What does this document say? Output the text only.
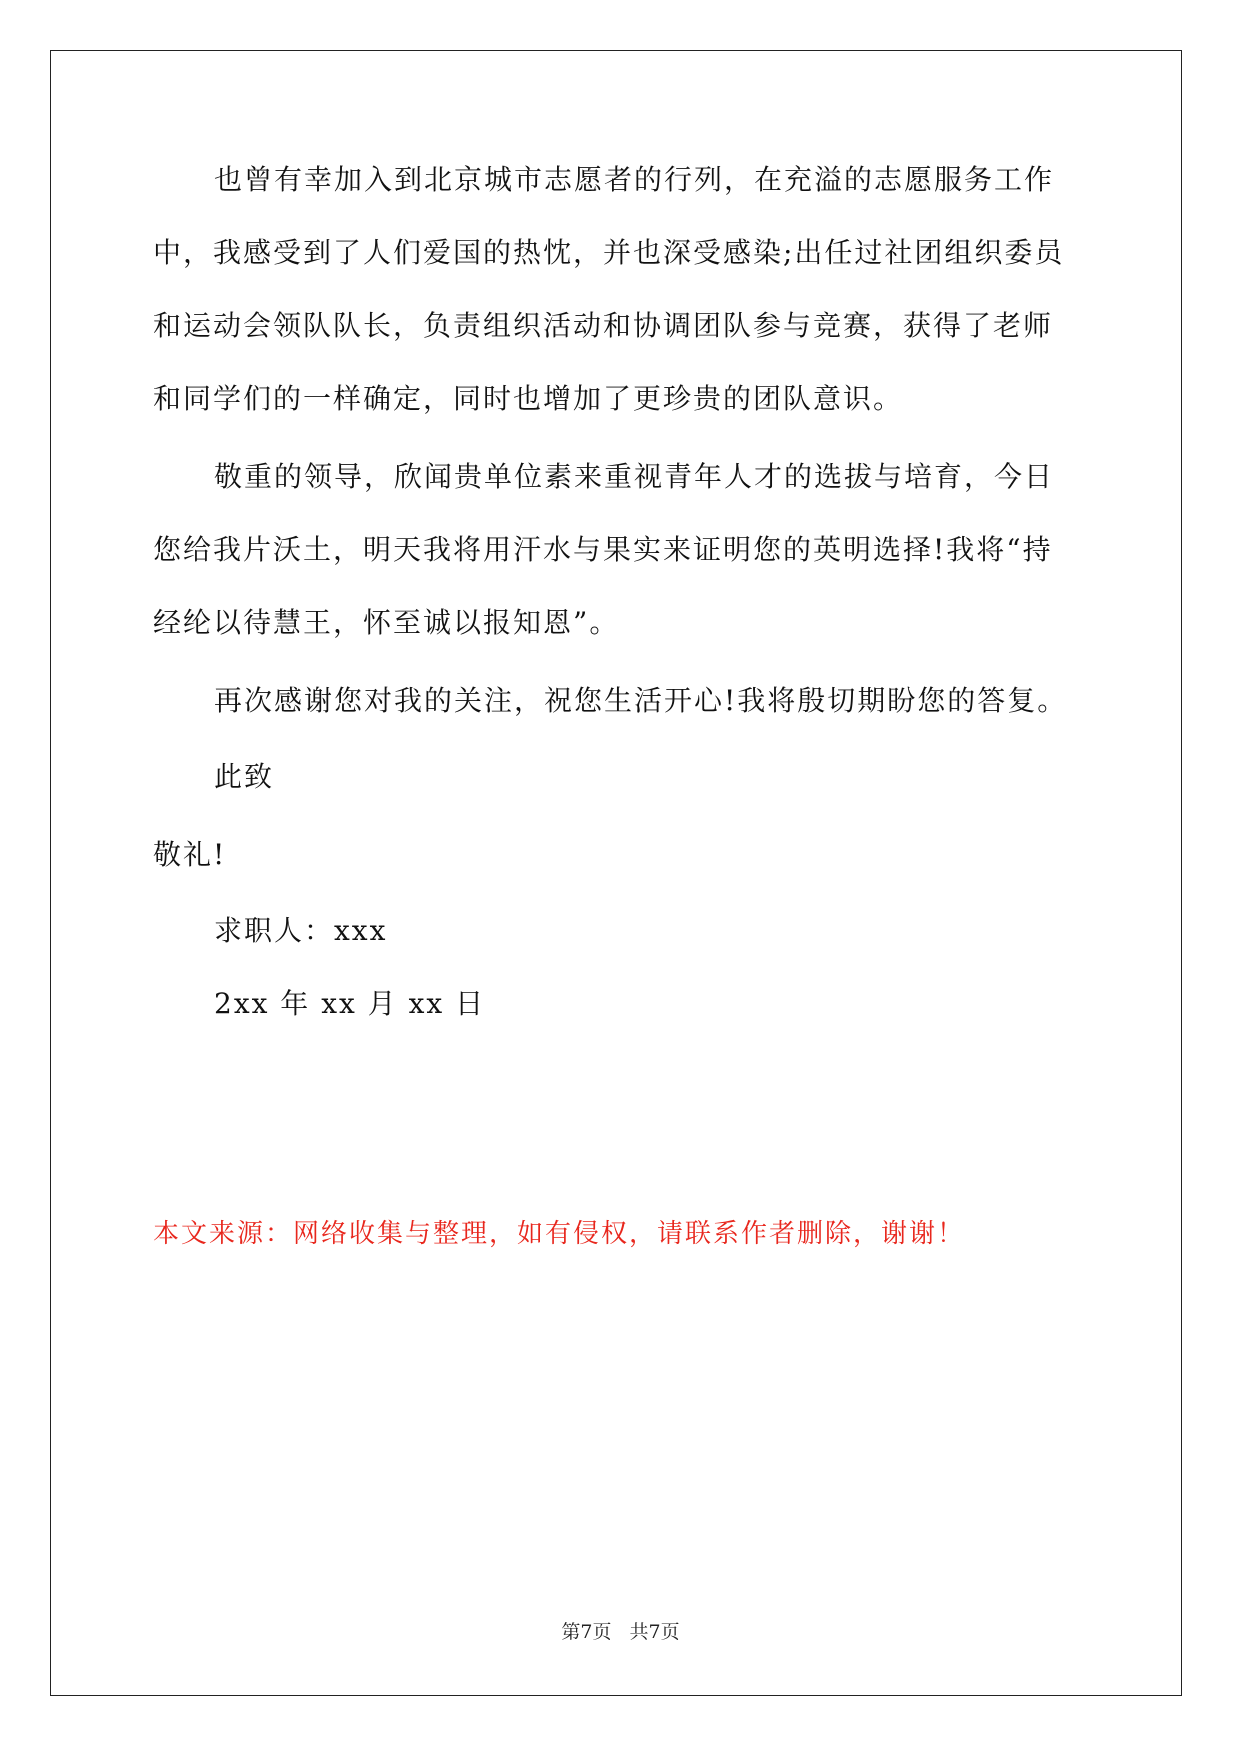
也曾有幸加入到北京城市志愿者的行列，在充溢的志愿服务工作
中，我感受到了人们爱国的热忱，并也深受感染;出任过社团组织委员
和运动会领队队长，负责组织活动和协调团队参与竞赛，获得了老师
和同学们的一样确定，同时也增加了更珍贵的团队意识。
敬重的领导，欣闻贵单位素来重视青年人才的选拔与培育，今日
您给我片沃土，明天我将用汗水与果实来证明您的英明选择!我将“持
经纶以待慧王，怀至诚以报知恩”。
再次感谢您对我的关注，祝您生活开心!我将殷切期盼您的答复。
此致
敬礼!
求职人：xxx
2xx 年 xx 月 xx 日
本文来源：网络收集与整理，如有侵权，请联系作者删除，谢谢！
第7页 共7页
